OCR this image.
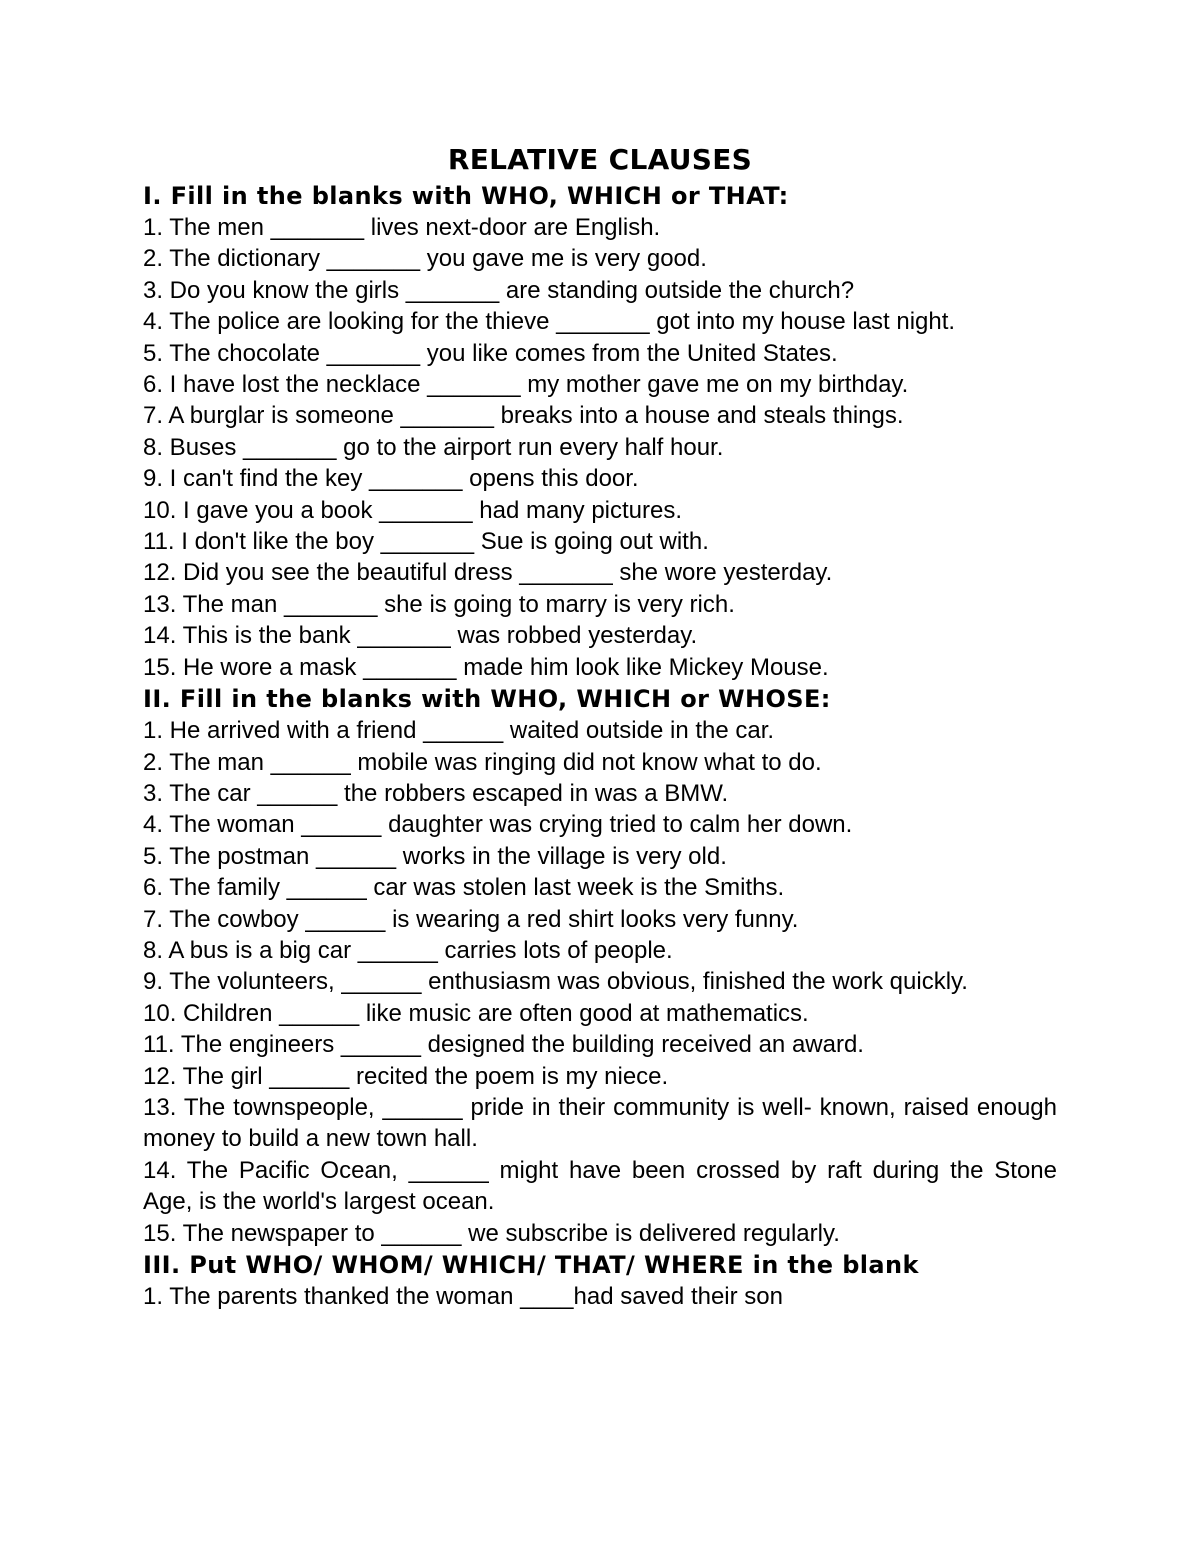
RELATIVE CLAUSES
I. Fill in the blanks with WHO, WHICH or THAT:
1. The men _______ lives next-door are English.
2. The dictionary _______ you gave me is very good.
3. Do you know the girls _______ are standing outside the church?
4. The police are looking for the thieve _______ got into my house last night.
5. The chocolate _______ you like comes from the United States.
6. I have lost the necklace _______ my mother gave me on my birthday.
7. A burglar is someone _______ breaks into a house and steals things.
8. Buses _______ go to the airport run every half hour.
9. I can't find the key _______ opens this door.
10. I gave you a book _______ had many pictures.
11. I don't like the boy _______ Sue is going out with.
12. Did you see the beautiful dress _______ she wore yesterday.
13. The man _______ she is going to marry is very rich.
14. This is the bank _______ was robbed yesterday.
15. He wore a mask _______ made him look like Mickey Mouse.
II. Fill in the blanks with WHO, WHICH or WHOSE:
1. He arrived with a friend ______ waited outside in the car.
2. The man ______ mobile was ringing did not know what to do.
3. The car ______ the robbers escaped in was a BMW.
4. The woman ______ daughter was crying tried to calm her down.
5. The postman ______ works in the village is very old.
6. The family ______ car was stolen last week is the Smiths.
7. The cowboy ______ is wearing a red shirt looks very funny.
8. A bus is a big car ______ carries lots of people.
9. The volunteers, ______ enthusiasm was obvious, finished the work quickly.
10. Children ______ like music are often good at mathematics.
11. The engineers ______ designed the building received an award.
12. The girl ______ recited the poem is my niece.
13. The townspeople, ______ pride in their community is well- known, raised enough money to build a new town hall.
14. The Pacific Ocean, ______ might have been crossed by raft during the Stone Age, is the world's largest ocean.
15. The newspaper to ______ we subscribe is delivered regularly.
III. Put WHO/ WHOM/ WHICH/ THAT/ WHERE in the blank
1. The parents thanked the woman ____had saved their son
